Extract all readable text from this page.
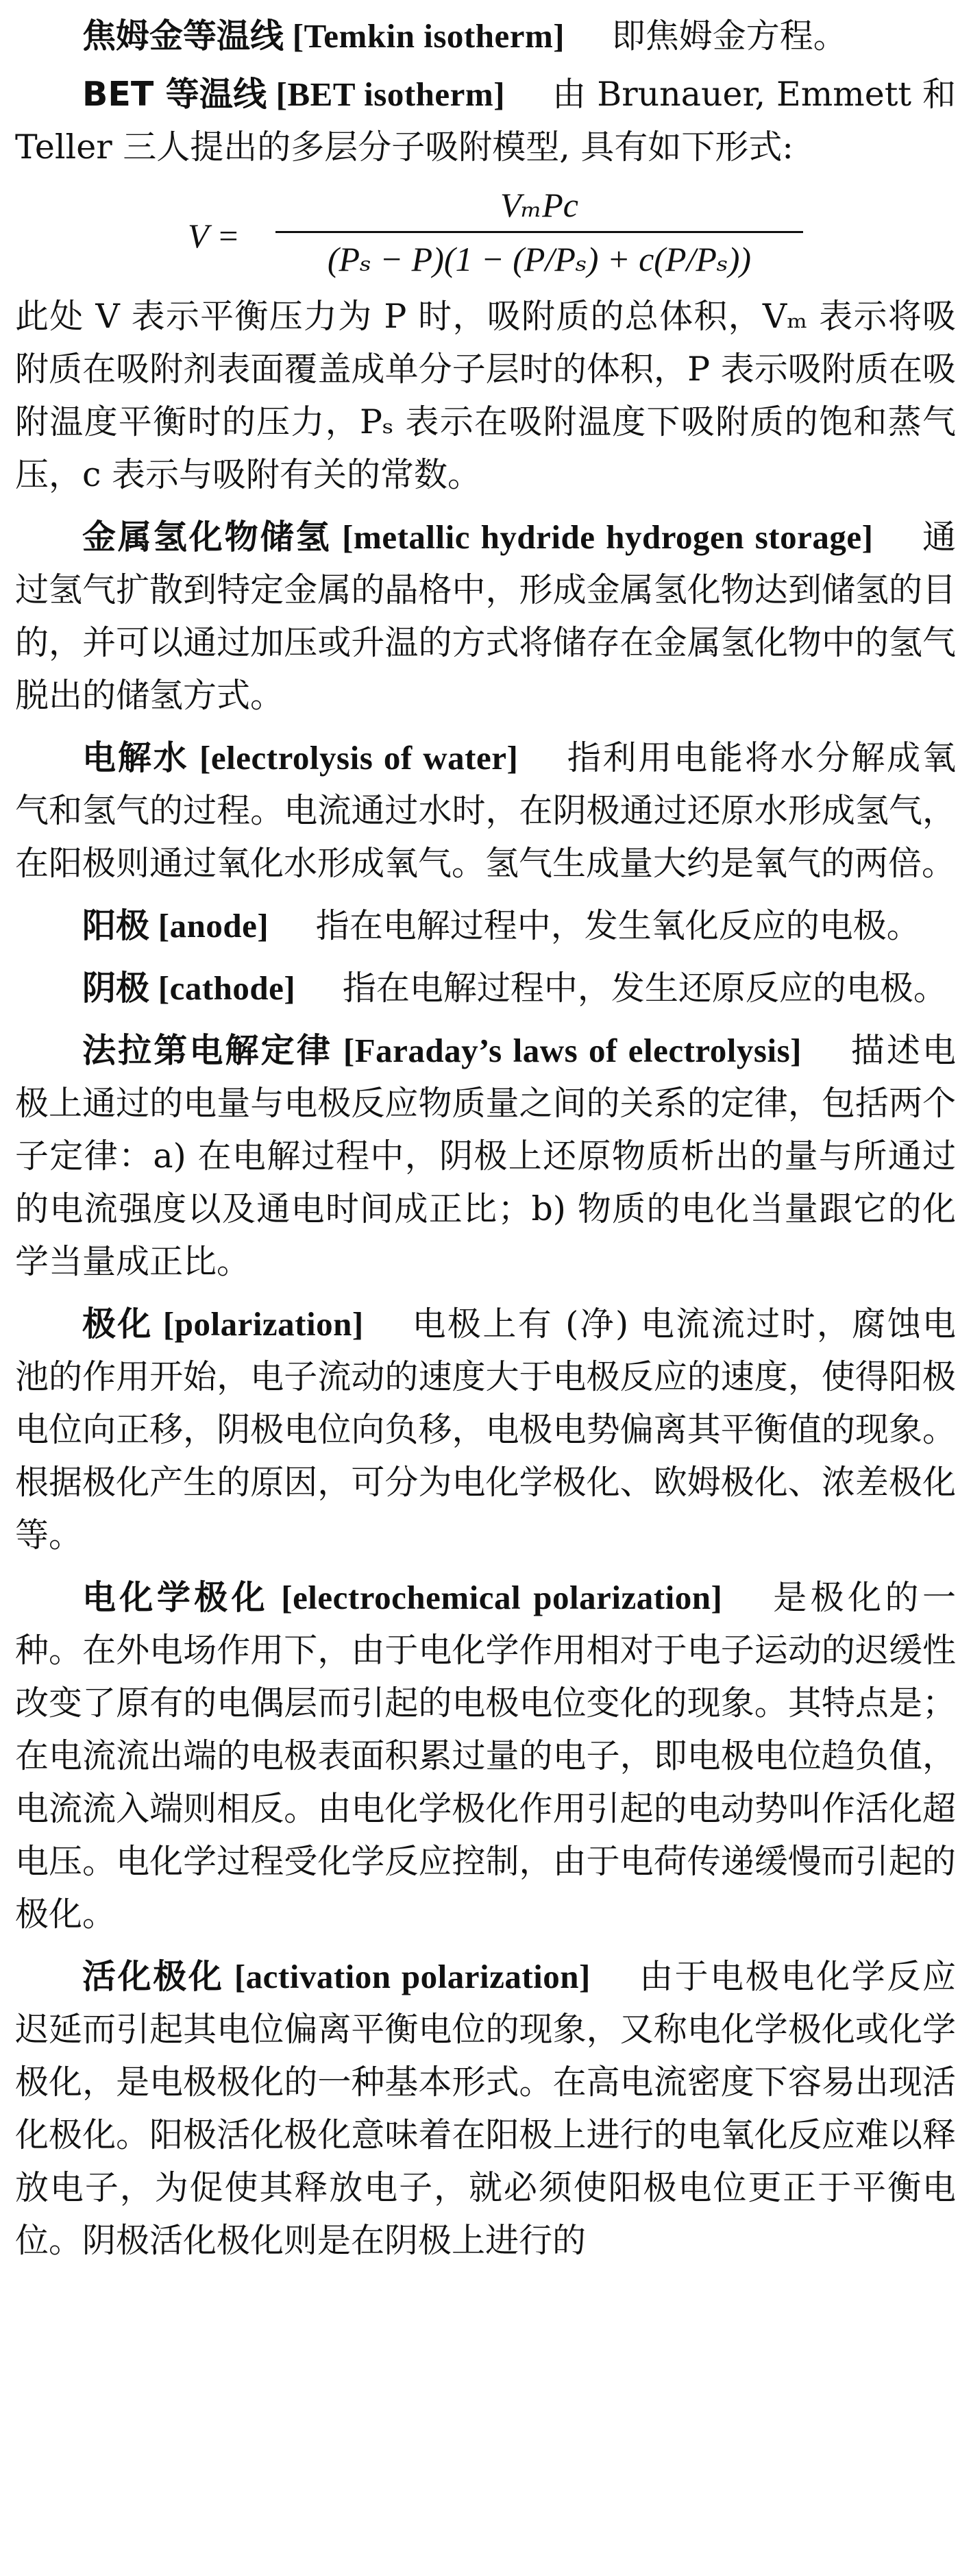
焦姆金等温线 [ Temkin isotherm ] 即焦姆金方程。

BET 等温线 [ BET isotherm ] 由 Brunauer, Emmett 和 Teller 三人提出的多层分子吸附模型, 具有如下形式:

V =
VₘPc
(Pₛ − P)(1 − (P/Pₛ) + c(P/Pₛ))

此处 V 表示平衡压力为 P 时，吸附质的总体积，Vₘ 表示将吸附质在吸附剂表面覆盖成单分子层时的体积，P 表示吸附质在吸附温度平衡时的压力，Pₛ 表示在吸附温度下吸附质的饱和蒸气压，c 表示与吸附有关的常数。

金属氢化物储氢 [ metallic hydride hydrogen storage ] 通过氢气扩散到特定金属的晶格中，形成金属氢化物达到储氢的目的，并可以通过加压或升温的方式将储存在金属氢化物中的氢气脱出的储氢方式。

电解水 [ electrolysis of water ] 指利用电能将水分解成氧气和氢气的过程。电流通过水时，在阴极通过还原水形成氢气，在阳极则通过氧化水形成氧气。氢气生成量大约是氧气的两倍。

阳极 [ anode ] 指在电解过程中，发生氧化反应的电极。

阴极 [ cathode ] 指在电解过程中，发生还原反应的电极。

法拉第电解定律 [ Faraday’s laws of electrolysis ] 描述电极上通过的电量与电极反应物质量之间的关系的定律，包括两个子定律：a) 在电解过程中，阴极上还原物质析出的量与所通过的电流强度以及通电时间成正比；b) 物质的电化当量跟它的化学当量成正比。

极化 [ polarization ] 电极上有 (净) 电流流过时，腐蚀电池的作用开始，电子流动的速度大于电极反应的速度，使得阳极电位向正移，阴极电位向负移，电极电势偏离其平衡值的现象。根据极化产生的原因，可分为电化学极化、欧姆极化、浓差极化等。

电化学极化 [ electrochemical polarization ] 是极化的一种。在外电场作用下，由于电化学作用相对于电子运动的迟缓性改变了原有的电偶层而引起的电极电位变化的现象。其特点是；在电流流出端的电极表面积累过量的电子，即电极电位趋负值，电流流入端则相反。由电化学极化作用引起的电动势叫作活化超电压。电化学过程受化学反应控制，由于电荷传递缓慢而引起的极化。

活化极化 [ activation polarization ] 由于电极电化学反应迟延而引起其电位偏离平衡电位的现象，又称电化学极化或化学极化，是电极极化的一种基本形式。在高电流密度下容易出现活化极化。阳极活化极化意味着在阳极上进行的电氧化反应难以释放电子，为促使其释放电子，就必须使阳极电位更正于平衡电位。阴极活化极化则是在阴极上进行的
